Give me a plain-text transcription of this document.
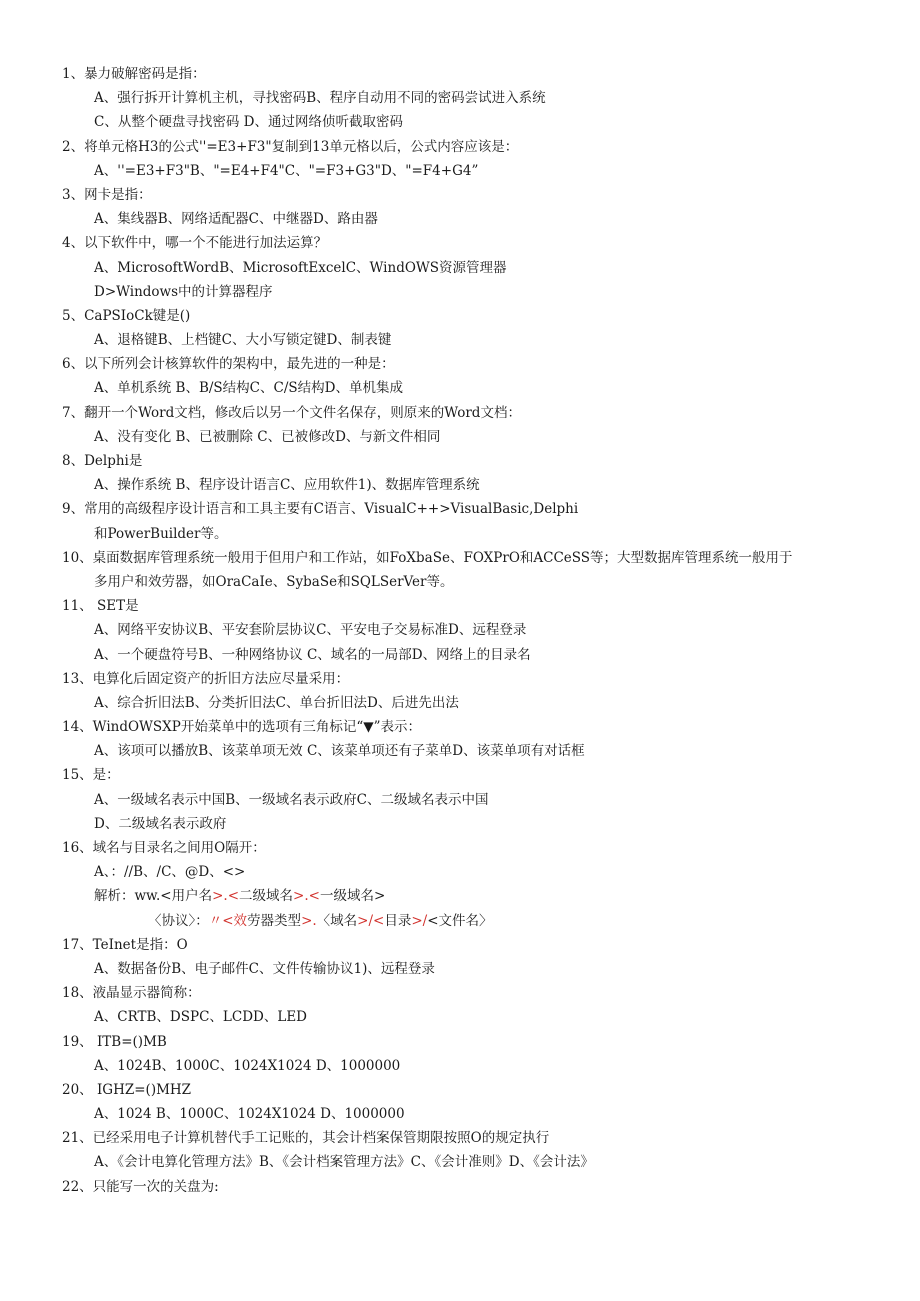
1、暴力破解密码是指：
A、强行拆开计算机主机，寻找密码B、程序自动用不同的密码尝试进入系统
C、从整个硬盘寻找密码 D、通过网络侦听截取密码
2、将单元格H3的公式''=E3+F3"复制到13单元格以后，公式内容应该是：
A、''=E3+F3"B、"=E4+F4"C、"=F3+G3"D、"=F4+G4”
3、网卡是指：
A、集线器B、网络适配器C、中继器D、路由器
4、以下软件中，哪一个不能进行加法运算？
A、MicrosoftWordB、MicrosoftExcelC、WindOWS资源管理器
D>Windows中的计算器程序
5、CaPSIoCk键是()
A、退格键B、上档键C、大小写锁定键D、制表键
6、以下所列会计核算软件的架构中，最先进的一种是：
A、单机系统 B、B/S结构C、C/S结构D、单机集成
7、翻开一个Word文档，修改后以另一个文件名保存，则原来的Word文档：
A、没有变化 B、已被删除 C、已被修改D、与新文件相同
8、Delphi是
A、操作系统 B、程序设计语言C、应用软件1)、数据库管理系统
9、常用的高级程序设计语言和工具主要有C语言、VisualC++>VisualBasic,Delphi
和PowerBuilder等。
10、桌面数据库管理系统一般用于但用户和工作站，如FoXbaSe、FOXPrO和ACCeSS等；大型数据库管理系统一般用于
多用户和效劳器，如OraCaIe、SybaSe和SQLSerVer等。
11、 SET是
A、网络平安协议B、平安套阶层协议C、平安电子交易标准D、远程登录
A、一个硬盘符号B、一种网络协议 C、域名的一局部D、网络上的目录名
13、电算化后固定资产的折旧方法应尽量采用：
A、综合折旧法B、分类折旧法C、单台折旧法D、后进先出法
14、WindOWSXP开始菜单中的选项有三角标记“▼”表示：
A、该项可以播放B、该菜单项无效 C、该菜单项还有子菜单D、该菜单项有对话框
15、是：
A、一级域名表示中国B、一级域名表示政府C、二级域名表示中国
D、二级域名表示政府
16、域名与目录名之间用O隔开：
A、：//B、/C、@D、<>
解析：ww.<用户名>.<二级域名>.<一级域名>
〈协议〉：〃<效劳器类型>.〈域名>/<目录>/<文件名〉
17、TeInet是指：O
A、数据备份B、电子邮件C、文件传输协议1)、远程登录
18、液晶显示器简称：
A、CRTB、DSPC、LCDD、LED
19、 ITB=()MB
A、1024B、1000C、1024X1024 D、1000000
20、 IGHZ=()MHZ
A、1024 B、1000C、1024X1024 D、1000000
21、已经采用电子计算机替代手工记账的，其会计档案保管期限按照O的规定执行
A、《会计电算化管理方法》B、《会计档案管理方法》C、《会计准则》D、《会计法》
22、只能写一次的关盘为:
